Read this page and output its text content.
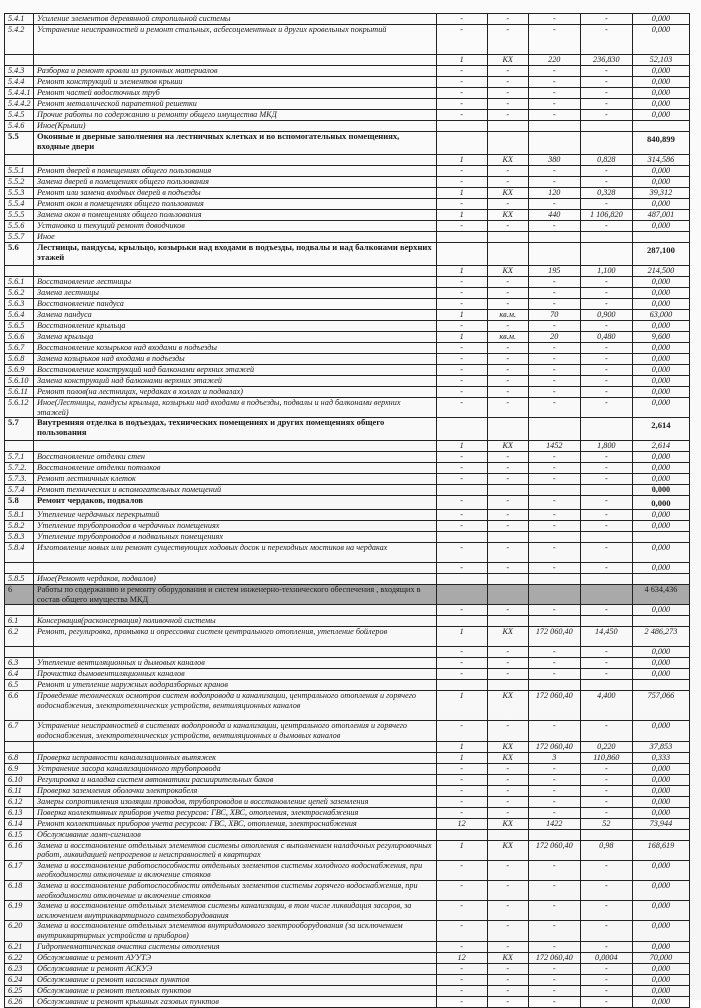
5.4.1	Усиление элементов деревянной стропильной системы	-	-	-	-	0,000
5.4.2	Устранение неисправностей и ремонт стальных, асбесоцементных и других кровельных покрытий	-	-	-	-	0,000
		1	КХ	220	236,830	52,103
5.4.3	Разборка и ремонт кровли из рулонных материалов	-	-	-	-	0,000
5.4.4	Ремонт конструкций и элементов крыши	-	-	-	-	0,000
5.4.4.1	Ремонт частей водосточных труб	-	-	-	-	0,000
5.4.4.2	Ремонт металлической парапетной решетки	-	-	-	-	0,000
5.4.5	Прочие работы по содержанию и ремонту общего имущества МКД	-	-	-	-	0,000
5.4.6	Иное(Крыши)					
5.5	Оконные и дверные заполнения на лестничных клетках и во вспомогательных помещениях, входные двери					840,899
		1	КХ	380	0,828	314,586
5.5.1	Ремонт дверей в помещениях общего пользования	-	-	-	-	0,000
5.5.2	Замена дверей в помещениях общего пользования	-	-	-	-	0,000
5.5.3	Ремонт или замена входных дверей в подъезды	1	КХ	120	0,328	39,312
5.5.4	Ремонт окон в помещениях общего пользования	-	-	-	-	0,000
5.5.5	Замена окон в помещениях общего пользования	1	КХ	440	1 106,820	487,001
5.5.6	Установка и текущий ремонт доводчиков	-	-	-	-	0,000
5.5.7	Иное					
5.6	Лестницы, пандусы, крыльцо, козырьки над входами в подъезды, подвалы и над балконами верхних этажей					287,100
		1	КХ	195	1,100	214,500
5.6.1	Восстановление лестницы	-	-	-	-	0,000
5.6.2	Замена лестницы	-	-	-	-	0,000
5.6.3	Восстановление пандуса	-	-	-	-	0,000
5.6.4	Замена пандуса	1	кв.м.	70	0,900	63,000
5.6.5	Восстановление крыльца	-	-	-	-	0,000
5.6.6	Замена крыльца	1	кв.м.	20	0,480	9,600
5.6.7	Восстановление козырьков над входами в подъезды	-	-	-	-	0,000
5.6.8	Замена козырьков над входами в подъезды	-	-	-	-	0,000
5.6.9	Восстановление конструкций над балконами верхних этажей	-	-	-	-	0,000
5.6.10	Замена конструкций над балконами верхних этажей	-	-	-	-	0,000
5.6.11	Ремонт полов(на лестницах, чердаках в холлах и подвалах)	-	-	-	-	0,000
5.6.12	Иное(Лестницы, пандусы крыльца, козырьки над входами в подъезды, подвалы и над балконами верхних этажей)	-	-	-	-	0,000
5.7	Внутренняя отделка в подъездах, технических помещениях и других помещениях общего пользования					2,614
		1	КХ	1452	1,800	2,614
5.7.1	Восстановление отделки стен	-	-	-	-	0,000
5.7.2.	Восстановление отделки потолков	-	-	-	-	0,000
5.7.3.	Ремонт лестничных клеток	-	-	-	-	0,000
5.7.4	Ремонт технических и вспомогательных помещений					0,000
5.8	Ремонт чердаков, подвалов	-	-	-	-	0,000
5.8.1	Утепление чердачных перекрытий	-	-	-	-	0,000
5.8.2	Утепление трубопроводов в чердачных помещениях	-	-	-	-	0,000
5.8.3	Утепление трубопроводов в подвальных помещениях					
5.8.4	Изготовление новых или ремонт существующих ходовых досок и переходных мостиков на чердаках	-	-	-	-	0,000
		-	-	-	-	0,000
5.8.5	Иное(Ремонт чердаков, подвалов)					
6	Работы по содержанию и ремонту оборудования и систем инженерно-технического обеспечения , входящих в состав общего имущества МКД					4 634,436
		-	-	-	-	0,000
6.1	Консервация(расконсервация) поливочной системы					
6.2	Ремонт, регулировка, промывка и опрессовка систем центрального отопления, утепление бойлеров	1	КХ	172 060,40	14,450	2 486,273
		-	-	-	-	0,000
6.3	Утепление вентиляционных и дымовых каналов	-	-	-	-	0,000
6.4	Прочистка дымовентиляционных каналов	-	-	-	-	0,000
6.5	Ремонт и утепление наружных водоразборных кранов					
6.6	Проведение технических осмотров систем водопровода и канализации, центрального отопления и горячего водоснабжения, электротехнических устройств, вентиляционных каналов	1	КХ	172 060,40	4,400	757,066
6.7	Устранение неисправностей в системах водопровода и канализации, центрального отопления и горячего водоснабжения, электротехнических устройств, вентиляционных и дымовых каналов	-	-	-	-	0,000
		1	КХ	172 060,40	0,220	37,853
6.8	Проверка исправности канализационных вытяжек	1	КХ	3	110,860	0,333
6.9	Устранение засора канализационного трубопровода	-	-	-	-	0,000
6.10	Регулировка и наладка систем автоматики расширительных баков	-	-	-	-	0,000
6.11	Проверка заземления оболочки электрокабеля	-	-	-	-	0,000
6.12	Замеры сопротивления изоляции проводов, трубопроводов и восстановление цепей заземления	-	-	-	-	0,000
6.13	Поверка коллективных приборов учета ресурсов: ГВС, ХВС, отопления, электроснабжения	-	-	-	-	0,000
6.14	Ремонт коллективных приборов учета ресурсов: ГВС, ХВС, отопления, электроснабжения	12	КХ	1422	52	73,944
6.15	Обслуживание ламп-сигналов					
6.16	Замена и восстановление отдельных элементов системы отопления с выполнением наладочных регулировочных работ, ликвидацией непрогревов и неисправностей в квартирах	1	КХ	172 060,40	0,98	168,619
6.17	Замена и восстановление работоспособности отдельных элементов системы холодного водоснабжения, при необходимости отключение и включение стояков	-	-	-	-	0,000
6.18	Замена и восстановление работоспособности отдельных элементов системы горячего водоснабжения, при необходимости отключение и включение стояков	-	-	-	-	0,000
6.19	Замена и восстановление отдельных элементов системы канализации, в том числе ликвидация засоров, за исключением внутриквартирного сантехоборудования	-	-	-	-	0,000
6.20	Замена и восстановление отдельных элементов внутридомового электрооборудования (за исключением внутриквартирных устройств и приборов)	-	-	-	-	0,000
6.21	Гидропневматическая очистка системы отопления	-	-	-	-	0,000
6.22	Обслуживание и ремонт АУУТЭ	12	КХ	172 060,40	0,0004	70,000
6.23	Обслуживание и ремонт АСКУЭ	-	-	-	-	0,000
6.24	Обслуживание и ремонт насосных пунктов	-	-	-	-	0,000
6.25	Обслуживание и ремонт тепловых пунктов	-	-	-	-	0,000
6.26	Обслуживание и ремонт крышных газовых пунктов	-	-	-	-	0,000
